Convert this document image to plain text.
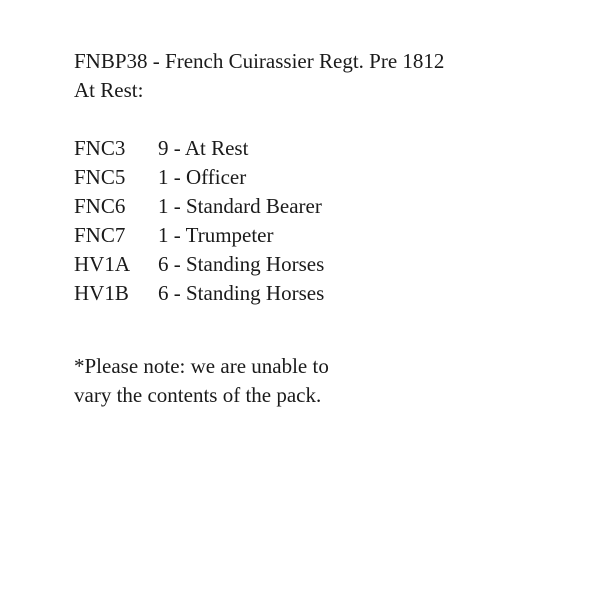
FNBP38 - French Cuirassier Regt. Pre 1812
At Rest:
FNC3	9 - At Rest
FNC5	1 - Officer
FNC6	1 - Standard Bearer
FNC7	1 - Trumpeter
HV1A	6 - Standing Horses
HV1B	6 - Standing Horses
*Please note: we are unable to
vary the contents of the pack.
